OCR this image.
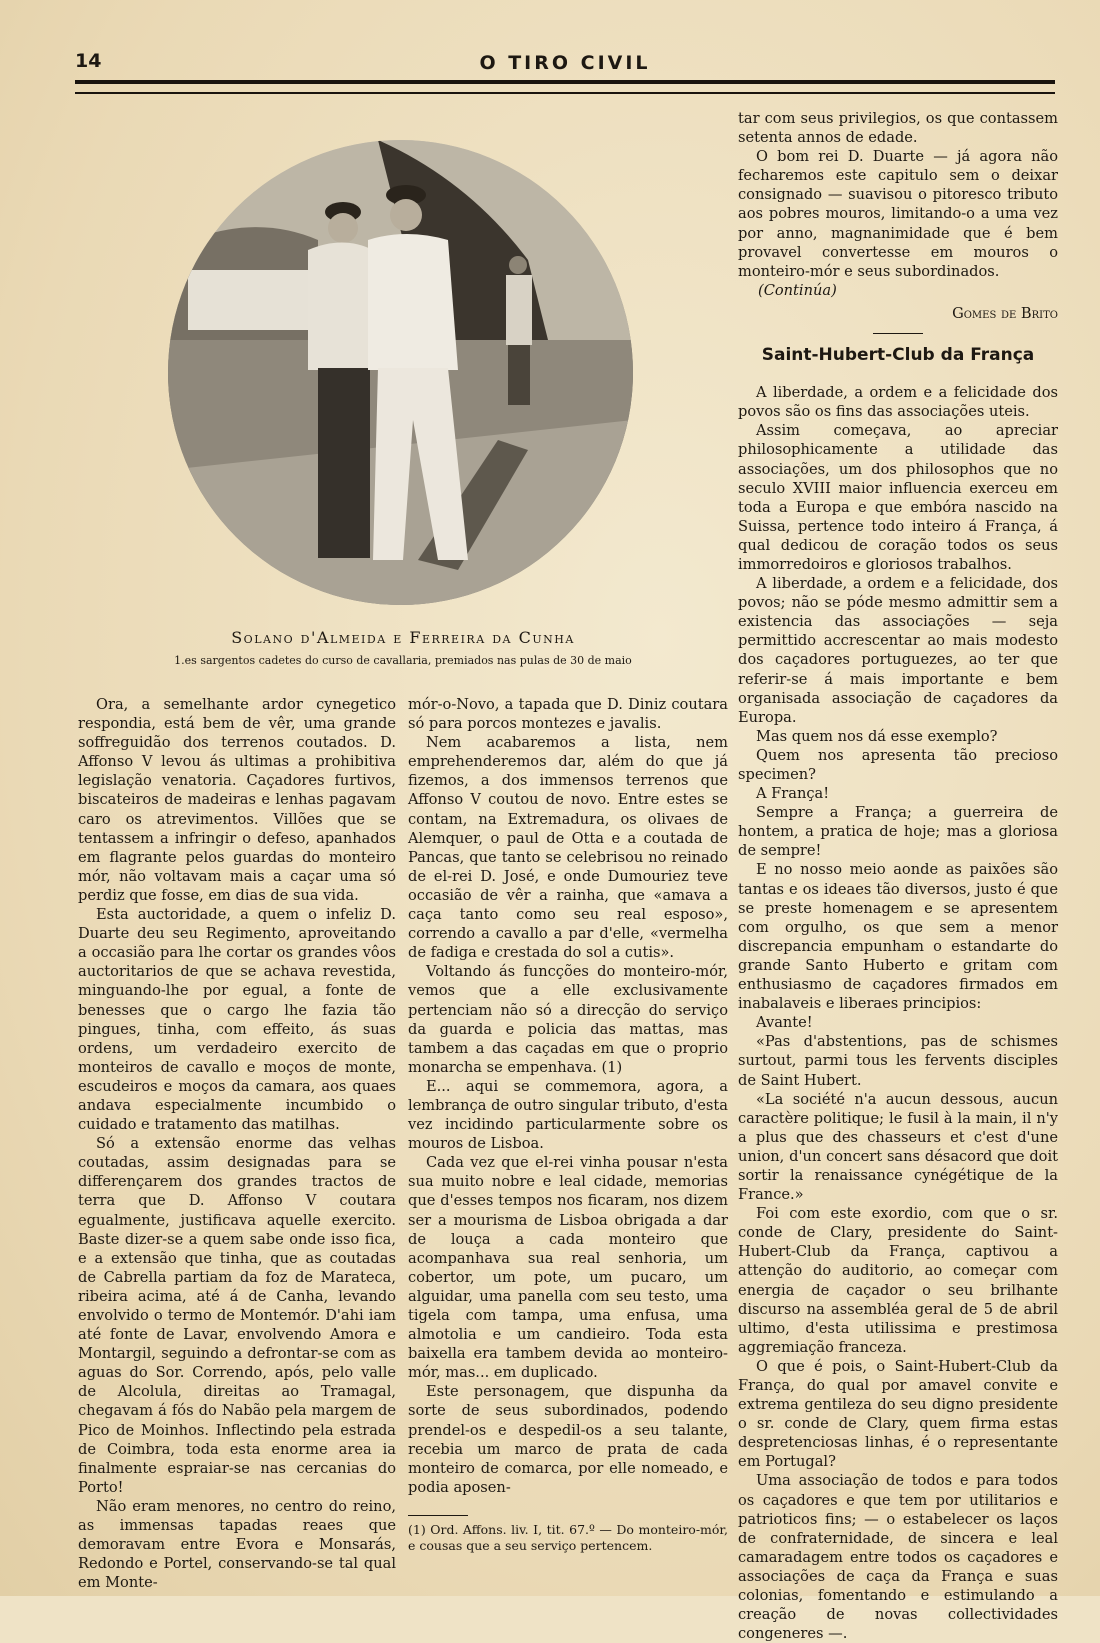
14	O TIRO CIVIL
Solano d'Almeida e Ferreira da Cunha
1.es sargentos cadetes do curso de cavallaria, premiados nas pulas de 30 de maio

Ora, a semelhante ardor cynegetico respondia, está bem de vêr, uma grande soffreguidão dos terrenos coutados. D. Affonso V levou ás ultimas a prohibitiva legislação venatoria. Caçadores furtivos, biscateiros de madeiras e lenhas pagavam caro os atrevimentos. Villões que se tentassem a infringir o defeso, apanhados em flagrante pelos guardas do monteiro mór, não voltavam mais a caçar uma só perdiz que fosse, em dias de sua vida.

Esta auctoridade, a quem o infeliz D. Duarte deu seu Regimento, aproveitando a occasião para lhe cortar os grandes vôos auctoritarios de que se achava revestida, minguando-lhe por egual, a fonte de benesses que o cargo lhe fazia tão pingues, tinha, com effeito, ás suas ordens, um verdadeiro exercito de monteiros de cavallo e moços de monte, escudeiros e moços da camara, aos quaes andava especialmente incumbido o cuidado e tratamento das matilhas.

Só a extensão enorme das velhas coutadas, assim designadas para se differençarem dos grandes tractos de terra que D. Affonso V coutara egualmente, justificava aquelle exercito. Baste dizer-se a quem sabe onde isso fica, e a extensão que tinha, que as coutadas de Cabrella partiam da foz de Marateca, ribeira acima, até á de Canha, levando envolvido o termo de Montemór. D'ahi iam até fonte de Lavar, envolvendo Amora e Montargil, seguindo a defrontar-se com as aguas do Sor. Correndo, após, pelo valle de Alcolula, direitas ao Tramagal, chegavam á fós do Nabão pela margem de Pico de Moinhos. Inflectindo pela estrada de Coimbra, toda esta enorme area ia finalmente espraiar-se nas cercanias do Porto!

Não eram menores, no centro do reino, as immensas tapadas reaes que demoravam entre Evora e Monsarás, Redondo e Portel, conservando-se tal qual em Monte-

mór-o-Novo, a tapada que D. Diniz coutara só para porcos montezes e javalis.

Nem acabaremos a lista, nem emprehenderemos dar, além do que já fizemos, a dos immensos terrenos que Affonso V coutou de novo. Entre estes se contam, na Extremadura, os olivaes de Alemquer, o paul de Otta e a coutada de Pancas, que tanto se celebrisou no reinado de el-rei D. José, e onde Dumouriez teve occasião de vêr a rainha, que «amava a caça tanto como seu real esposo», correndo a cavallo a par d'elle, «vermelha de fadiga e crestada do sol a cutis».

Voltando ás funcções do monteiro-mór, vemos que a elle exclusivamente pertenciam não só a direcção do serviço da guarda e policia das mattas, mas tambem a das caçadas em que o proprio monarcha se empenhava. (1)

E... aqui se commemora, agora, a lembrança de outro singular tributo, d'esta vez incidindo particularmente sobre os mouros de Lisboa.

Cada vez que el-rei vinha pousar n'esta sua muito nobre e leal cidade, memorias que d'esses tempos nos ficaram, nos dizem ser a mourisma de Lisboa obrigada a dar de louça a cada monteiro que acompanhava sua real senhoria, um cobertor, um pote, um pucaro, um alguidar, uma panella com seu testo, uma tigela com tampa, uma enfusa, uma almotolia e um candieiro. Toda esta baixella era tambem devida ao monteiro-mór, mas... em duplicado.

Este personagem, que dispunha da sorte de seus subordinados, podendo prendel-os e despedil-os a seu talante, recebia um marco de prata de cada monteiro de comarca, por elle nomeado, e podia aposen-

(1) Ord. Affons. liv. I, tit. 67.º — Do monteiro-mór, e cousas que a seu serviço pertencem.

tar com seus privilegios, os que contassem setenta annos de edade.

O bom rei D. Duarte — já agora não fecharemos este capitulo sem o deixar consignado — suavisou o pitoresco tributo aos pobres mouros, limitando-o a uma vez por anno, magnanimidade que é bem provavel convertesse em mouros o monteiro-mór e seus subordinados.

(Continúa)

Gomes de Brito
Saint-Hubert-Club da França

A liberdade, a ordem e a felicidade dos povos são os fins das associações uteis.

Assim começava, ao apreciar philosophicamente a utilidade das associações, um dos philosophos que no seculo XVIII maior influencia exerceu em toda a Europa e que embóra nascido na Suissa, pertence todo inteiro á França, á qual dedicou de coração todos os seus immorredoiros e gloriosos trabalhos.

A liberdade, a ordem e a felicidade, dos povos; não se póde mesmo admittir sem a existencia das associações — seja permittido accrescentar ao mais modesto dos caçadores portuguezes, ao ter que referir-se á mais importante e bem organisada associação de caçadores da Europa.

Mas quem nos dá esse exemplo?

Quem nos apresenta tão precioso specimen?

A França!

Sempre a França; a guerreira de hontem, a pratica de hoje; mas a gloriosa de sempre!

E no nosso meio aonde as paixões são tantas e os ideaes tão diversos, justo é que se preste homenagem e se apresentem com orgulho, os que sem a menor discrepancia empunham o estandarte do grande Santo Huberto e gritam com enthusiasmo de caçadores firmados em inabalaveis e liberaes principios:

Avante!

«Pas d'abstentions, pas de schismes surtout, parmi tous les fervents disciples de Saint Hubert.

«La société n'a aucun dessous, aucun caractère politique; le fusil à la main, il n'y a plus que des chasseurs et c'est d'une union, d'un concert sans désacord que doit sortir la renaissance cynégétique de la France.»

Foi com este exordio, com que o sr. conde de Clary, presidente do Saint-Hubert-Club da França, captivou a attenção do auditorio, ao começar com energia de caçador o seu brilhante discurso na assembléa geral de 5 de abril ultimo, d'esta utilissima e prestimosa aggremiação franceza.

O que é pois, o Saint-Hubert-Club da França, do qual por amavel convite e extrema gentileza do seu digno presidente o sr. conde de Clary, quem firma estas despretenciosas linhas, é o representante em Portugal?

Uma associação de todos e para todos os caçadores e que tem por utilitarios e patrioticos fins; — o estabelecer os laços de confraternidade, de sincera e leal camaradagem entre todos os caçadores e associações de caça da França e suas colonias, fomentando e estimulando a creação de novas collectividades congeneres —.
